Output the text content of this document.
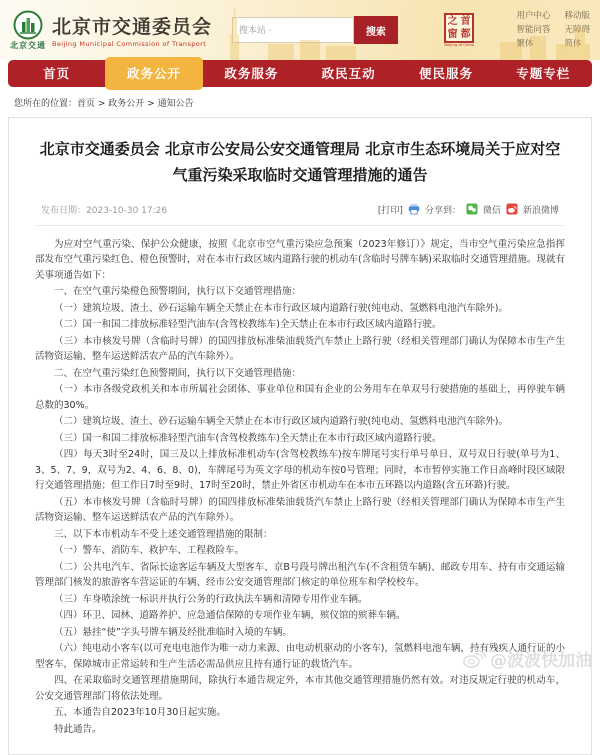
北京交通
北京市交通委员会
Beijing Municipal Commission of Transport
搜本站 ·
搜索
之 首
窗 都
Beijing of China
用户中心
智能问答
繁体
移动版
无障碍
简体
首页	政务公开	政务服务	政民互动	便民服务	专题专栏
您所在的位置： 首页	> 政务公开	> 通知公告
北京市交通委员会 北京市公安局公安交通管理局 北京市生态环境局关于应对空气重污染采取临时交通管理措施的通告
发布日期：2023-10-30 17:26	[打印] 分享到： 微信 新浪微博

为应对空气重污染、保护公众健康，按照《北京市空气重污染应急预案（2023年修订）》规定，当市空气重污染应急指挥部发布空气重污染红色、橙色预警时，对在本市行政区域内道路行驶的机动车(含临时号牌车辆)采取临时交通管理措施。现就有关事项通告如下：

一、在空气重污染橙色预警期间，执行以下交通管理措施：

（一）建筑垃圾、渣土、砂石运输车辆全天禁止在本市行政区域内道路行驶(纯电动、氢燃料电池汽车除外)。

（二）国一和国二排放标准轻型汽油车(含驾校教练车)全天禁止在本市行政区域内道路行驶。

（三）本市核发号牌（含临时号牌）的国四排放标准柴油载货汽车禁止上路行驶（经相关管理部门确认为保障本市生产生活物资运输、整车运送鲜活农产品的汽车除外）。

二、在空气重污染红色预警期间，执行以下交通管理措施：

（一）本市各级党政机关和本市所属社会团体、事业单位和国有企业的公务用车在单双号行驶措施的基础上，再停驶车辆总数的30%。

（二）建筑垃圾、渣土、砂石运输车辆全天禁止在本市行政区域内道路行驶(纯电动、氢燃料电池汽车除外)。

（三）国一和国二排放标准轻型汽油车(含驾校教练车)全天禁止在本市行政区域内道路行驶。

（四）每天3时至24时，国三及以上排放标准机动车(含驾校教练车)按车牌尾号实行单号单日、双号双日行驶(单号为1、3、5、7、9，双号为2、4、6、8、0)，车牌尾号为英文字母的机动车按0号管理；同时，本市暂停实施工作日高峰时段区域限行交通管理措施；但工作日7时至9时、17时至20时，禁止外省区市机动车在本市五环路以内道路(含五环路)行驶。

（五）本市核发号牌（含临时号牌）的国四排放标准柴油载货汽车禁止上路行驶（经相关管理部门确认为保障本市生产生活物资运输、整车运送鲜活农产品的汽车除外）。

三、以下本市机动车不受上述交通管理措施的限制：

（一）警车、消防车、救护车、工程救险车。

（二）公共电汽车、省际长途客运车辆及大型客车、京B号段号牌出租汽车(不含租赁车辆)、邮政专用车、持有市交通运输管理部门核发的旅游客车营运证的车辆、经市公安交通管理部门核定的单位班车和学校校车。

（三）车身喷涂统一标识并执行公务的行政执法车辆和清障专用作业车辆。

（四）环卫、园林、道路养护、应急通信保障的专项作业车辆，殡仪馆的殡葬车辆。

（五）悬挂“使”字头号牌车辆及经批准临时入境的车辆。

（六）纯电动小客车(以可充电电池作为唯一动力来源、由电动机驱动的小客车)，氢燃料电池车辆，持有残疾人通行证的小型客车，保障城市正常运转和生产生活必需品供应且持有通行证的载货汽车。

四、在采取临时交通管理措施期间，除执行本通告规定外，本市其他交通管理措施仍然有效。对违反规定行驶的机动车，公安交通管理部门将依法处理。

五、本通告自2023年10月30日起实施。

特此通告。

@波波快加油
